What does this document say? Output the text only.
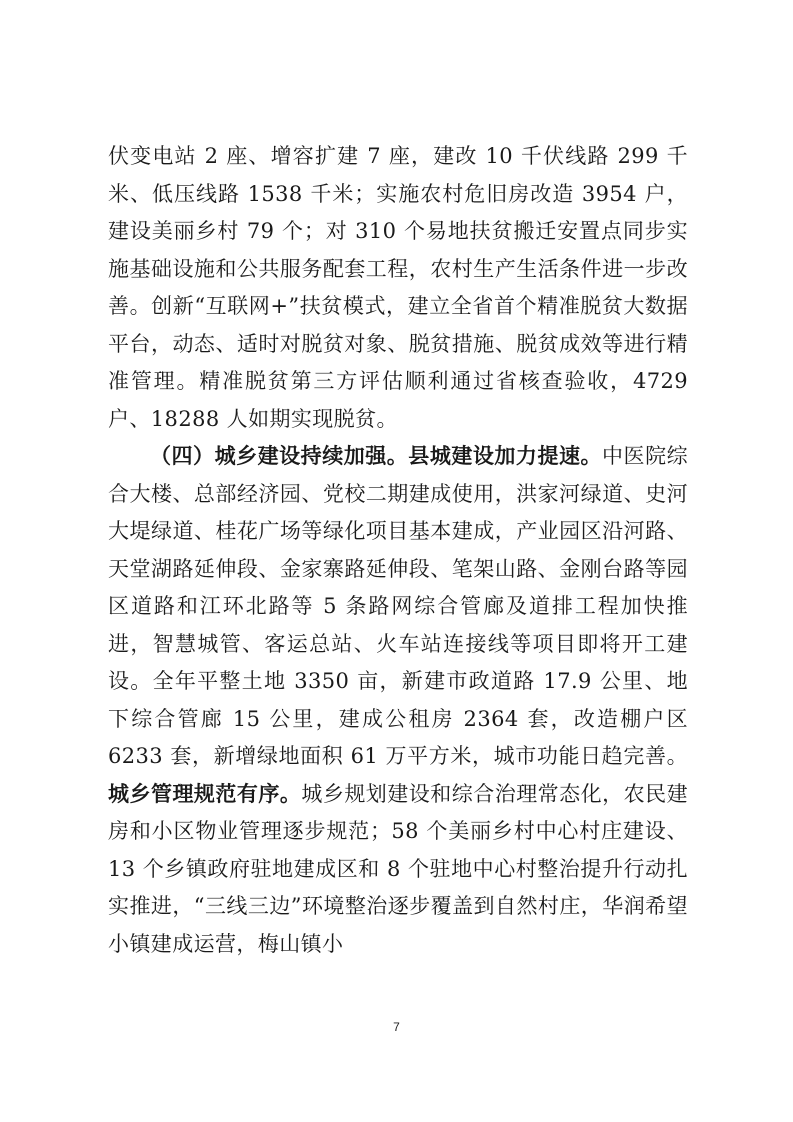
伏变电站 2 座、增容扩建 7 座，建改 10 千伏线路 299 千米、低压线路 1538 千米；实施农村危旧房改造 3954 户，建设美丽乡村 79 个；对 310 个易地扶贫搬迁安置点同步实施基础设施和公共服务配套工程，农村生产生活条件进一步改善。创新“互联网+”扶贫模式，建立全省首个精准脱贫大数据平台，动态、适时对脱贫对象、脱贫措施、脱贫成效等进行精准管理。精准脱贫第三方评估顺利通过省核查验收，4729 户、18288 人如期实现脱贫。

（四）城乡建设持续加强。县城建设加力提速。中医院综合大楼、总部经济园、党校二期建成使用，洪家河绿道、史河大堤绿道、桂花广场等绿化项目基本建成，产业园区沿河路、天堂湖路延伸段、金家寨路延伸段、笔架山路、金刚台路等园区道路和江环北路等 5 条路网综合管廊及道排工程加快推进，智慧城管、客运总站、火车站连接线等项目即将开工建设。全年平整土地 3350 亩，新建市政道路 17.9 公里、地下综合管廊 15 公里，建成公租房 2364 套，改造棚户区 6233 套，新增绿地面积 61 万平方米，城市功能日趋完善。城乡管理规范有序。城乡规划建设和综合治理常态化，农民建房和小区物业管理逐步规范；58 个美丽乡村中心村庄建设、13 个乡镇政府驻地建成区和 8 个驻地中心村整治提升行动扎实推进，“三线三边”环境整治逐步覆盖到自然村庄，华润希望小镇建成运营，梅山镇小

7
